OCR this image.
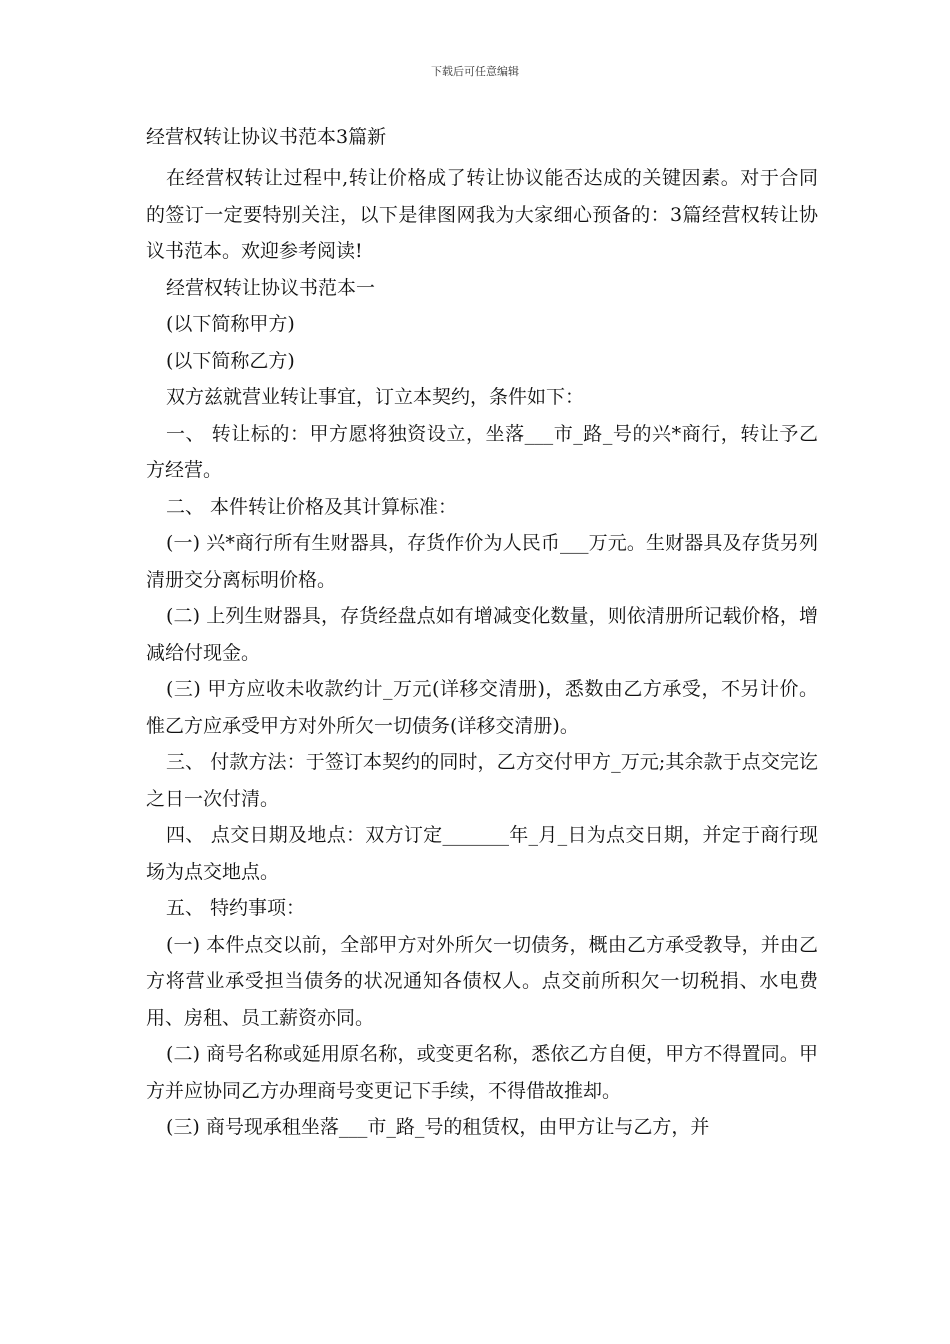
下载后可任意编辑
经营权转让协议书范本3篇新

在经营权转让过程中,转让价格成了转让协议能否达成的关键因素。对于合同的签订一定要特别关注，以下是律图网我为大家细心预备的：3篇经营权转让协议书范本。欢迎参考阅读!

经营权转让协议书范本一

(以下简称甲方)

(以下简称乙方)

双方兹就营业转让事宜，订立本契约，条件如下：

一、 转让标的：甲方愿将独资设立，坐落___市_路_号的兴*商行，转让予乙方经营。

二、 本件转让价格及其计算标准：

(一) 兴*商行所有生财器具，存货作价为人民币___万元。生财器具及存货另列清册交分离标明价格。

(二) 上列生财器具，存货经盘点如有增减变化数量，则依清册所记载价格，增减给付现金。

(三) 甲方应收未收款约计_万元(详移交清册)，悉数由乙方承受，不另计价。惟乙方应承受甲方对外所欠一切债务(详移交清册)。

三、 付款方法：于签订本契约的同时，乙方交付甲方_万元;其余款于点交完讫之日一次付清。

四、 点交日期及地点：双方订定_______年_月_日为点交日期，并定于商行现场为点交地点。

五、 特约事项：

(一) 本件点交以前，全部甲方对外所欠一切债务，概由乙方承受教导，并由乙方将营业承受担当债务的状况通知各债权人。点交前所积欠一切税捐、水电费用、房租、员工薪资亦同。

(二) 商号名称或延用原名称，或变更名称，悉依乙方自便，甲方不得置同。甲方并应协同乙方办理商号变更记下手续，不得借故推却。

(三) 商号现承租坐落___市_路_号的租赁权，由甲方让与乙方，并
